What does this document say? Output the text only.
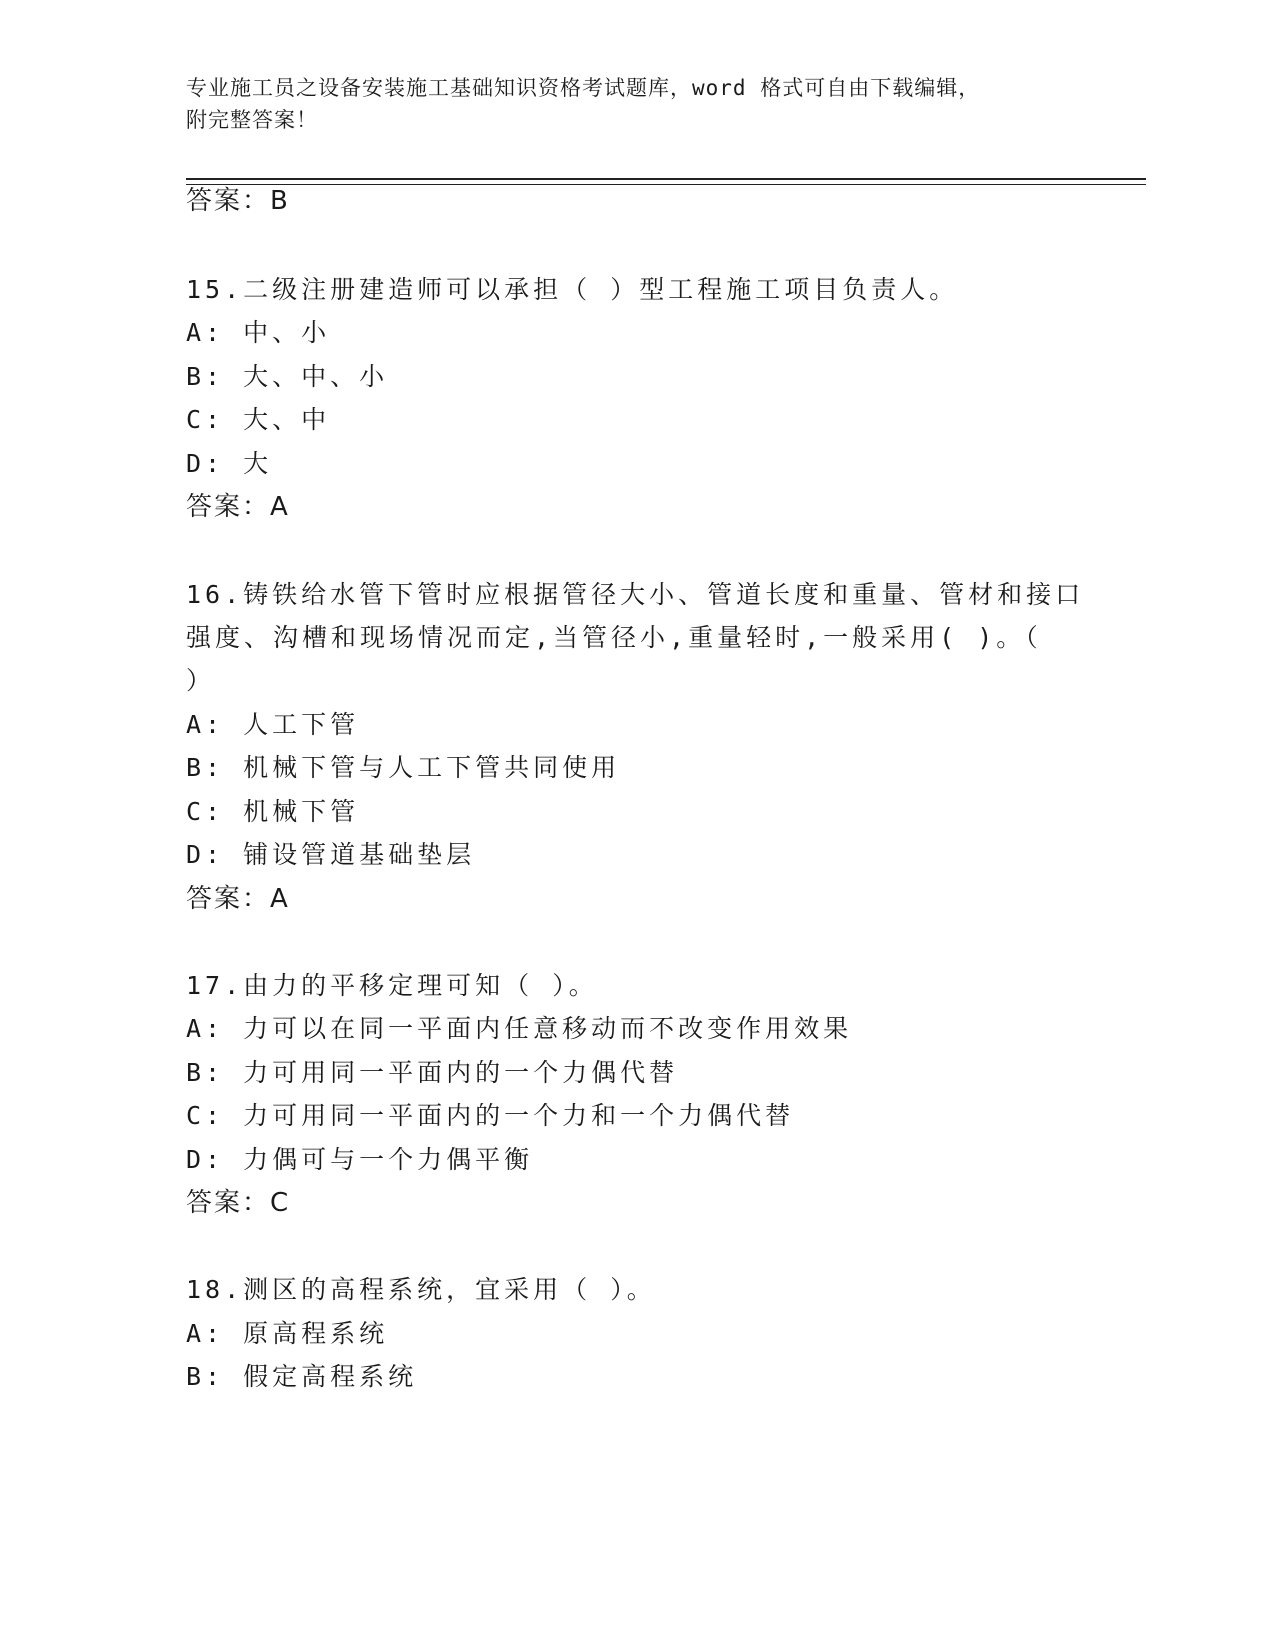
专业施工员之设备安装施工基础知识资格考试题库，word 格式可自由下载编辑，
附完整答案！
答案：B
15.二级注册建造师可以承担（ ）型工程施工项目负责人。
A: 中、小
B: 大、中、小
C: 大、中
D: 大
答案：A
16.铸铁给水管下管时应根据管径大小、管道长度和重量、管材和接口
强度、沟槽和现场情况而定,当管径小,重量轻时,一般采用( )。（
）
A: 人工下管
B: 机械下管与人工下管共同使用
C: 机械下管
D: 铺设管道基础垫层
答案：A
17.由力的平移定理可知（ ）。
A: 力可以在同一平面内任意移动而不改变作用效果
B: 力可用同一平面内的一个力偶代替
C: 力可用同一平面内的一个力和一个力偶代替
D: 力偶可与一个力偶平衡
答案：C
18.测区的高程系统，宜采用（ ）。
A: 原高程系统
B: 假定高程系统
